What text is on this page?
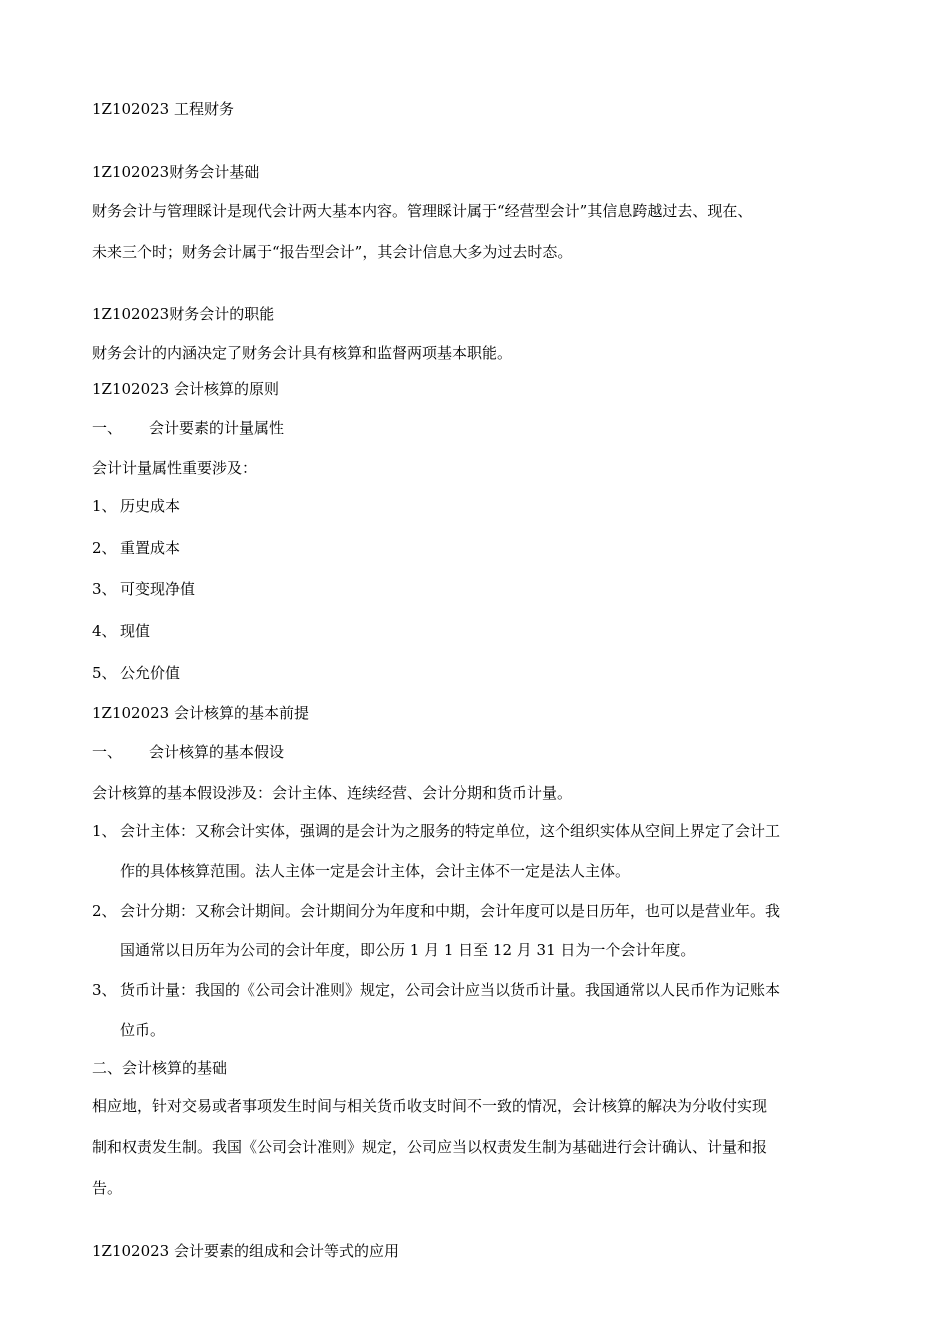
1Z102023 工程财务
1Z102023财务会计基础
财务会计与管理睬计是现代会计两大基本内容。管理睬计属于“经营型会计”其信息跨越过去、现在、
未来三个时；财务会计属于“报告型会计”，其会计信息大多为过去时态。
1Z102023财务会计的职能
财务会计的内涵决定了财务会计具有核算和监督两项基本职能。
1Z102023 会计核算的原则
一、 会计要素的计量属性
会计计量属性重要涉及：
1、 历史成本
2、 重置成本
3、 可变现净值
4、 现值
5、 公允价值
1Z102023 会计核算的基本前提
一、 会计核算的基本假设
会计核算的基本假设涉及：会计主体、连续经营、会计分期和货币计量。
1、 会计主体：又称会计实体，强调的是会计为之服务的特定单位，这个组织实体从空间上界定了会计工
作的具体核算范围。法人主体一定是会计主体，会计主体不一定是法人主体。
2、 会计分期：又称会计期间。会计期间分为年度和中期，会计年度可以是日历年，也可以是营业年。我
国通常以日历年为公司的会计年度，即公历 1 月 1 日至 12 月 31 日为一个会计年度。
3、 货币计量：我国的《公司会计准则》规定，公司会计应当以货币计量。我国通常以人民币作为记账本
位币。
二、会计核算的基础
相应地，针对交易或者事项发生时间与相关货币收支时间不一致的情况，会计核算的解决为分收付实现
制和权责发生制。我国《公司会计准则》规定，公司应当以权责发生制为基础进行会计确认、计量和报
告。
1Z102023 会计要素的组成和会计等式的应用
